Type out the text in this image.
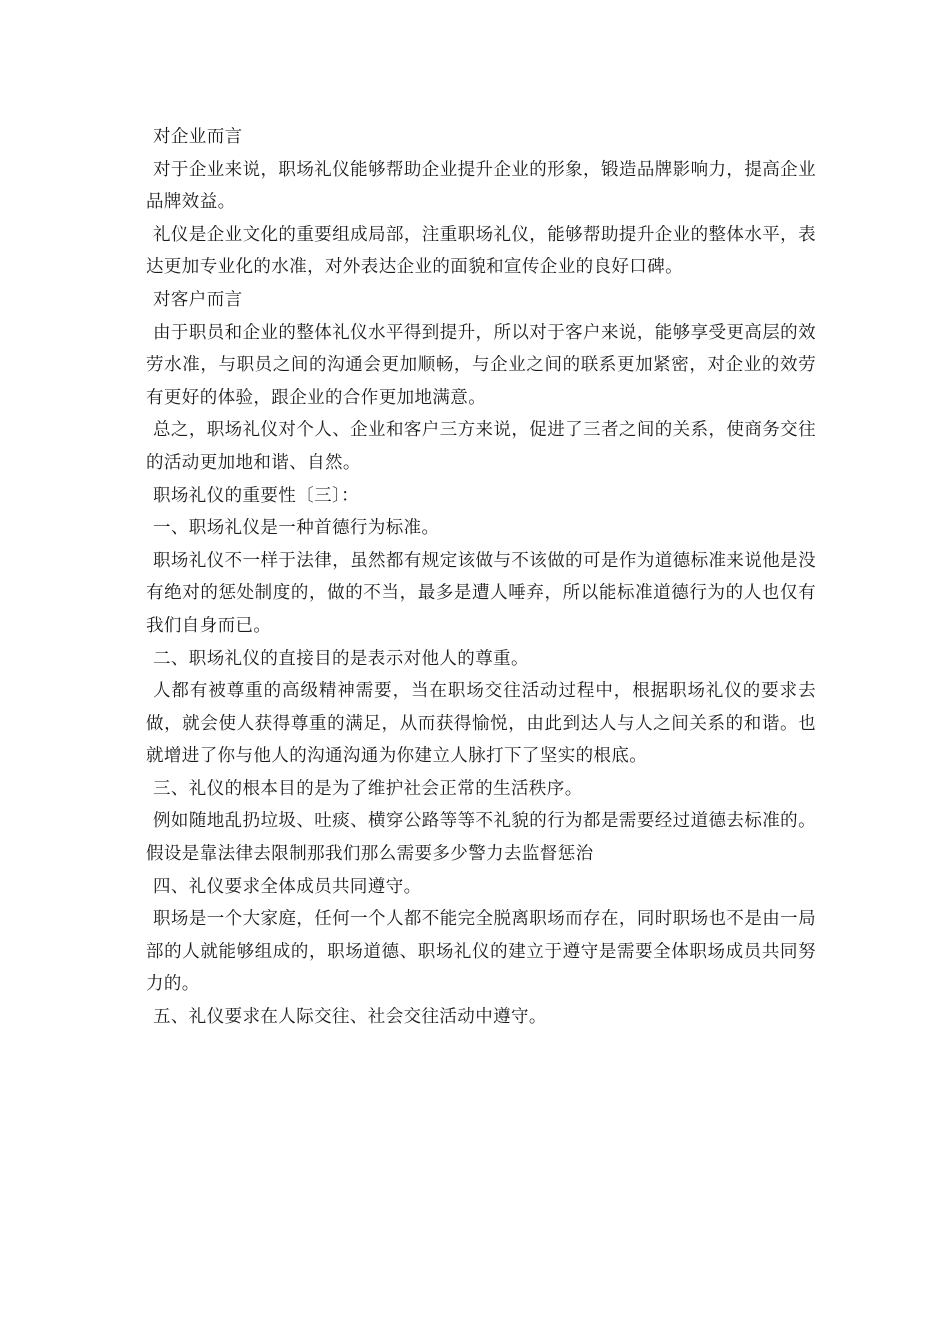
对企业而言

对于企业来说，职场礼仪能够帮助企业提升企业的形象，锻造品牌影响力，提高企业品牌效益。

礼仪是企业文化的重要组成局部，注重职场礼仪，能够帮助提升企业的整体水平，表达更加专业化的水准，对外表达企业的面貌和宣传企业的良好口碑。

对客户而言

由于职员和企业的整体礼仪水平得到提升，所以对于客户来说，能够享受更高层的效劳水准，与职员之间的沟通会更加顺畅，与企业之间的联系更加紧密，对企业的效劳有更好的体验，跟企业的合作更加地满意。

总之，职场礼仪对个人、企业和客户三方来说，促进了三者之间的关系，使商务交往的活动更加地和谐、自然。

职场礼仪的重要性〔三〕：

一、职场礼仪是一种首德行为标准。

职场礼仪不一样于法律，虽然都有规定该做与不该做的可是作为道德标准来说他是没有绝对的惩处制度的，做的不当，最多是遭人唾弃，所以能标准道德行为的人也仅有我们自身而已。

二、职场礼仪的直接目的是表示对他人的尊重。

人都有被尊重的高级精神需要，当在职场交往活动过程中，根据职场礼仪的要求去做，就会使人获得尊重的满足，从而获得愉悦，由此到达人与人之间关系的和谐。也就增进了你与他人的沟通沟通为你建立人脉打下了坚实的根底。

三、礼仪的根本目的是为了维护社会正常的生活秩序。

例如随地乱扔垃圾、吐痰、横穿公路等等不礼貌的行为都是需要经过道德去标准的。假设是靠法律去限制那我们那么需要多少警力去监督惩治

四、礼仪要求全体成员共同遵守。

职场是一个大家庭，任何一个人都不能完全脱离职场而存在，同时职场也不是由一局部的人就能够组成的，职场道德、职场礼仪的建立于遵守是需要全体职场成员共同努力的。

五、礼仪要求在人际交往、社会交往活动中遵守。
